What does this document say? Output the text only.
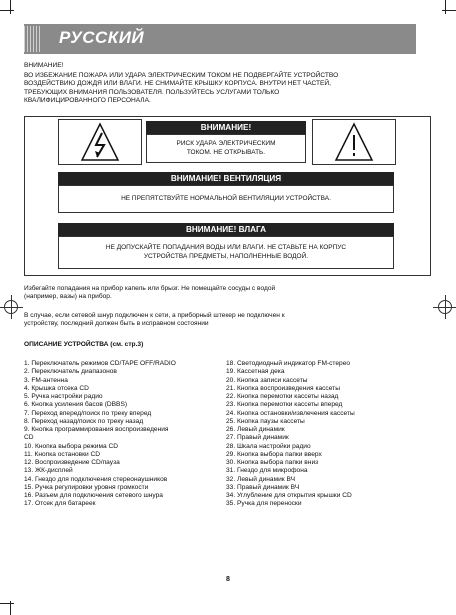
РУССКИЙ
ВНИМАНИЕ!
ВО ИЗБЕЖАНИЕ ПОЖАРА ИЛИ УДАРА ЭЛЕКТРИЧЕСКИМ ТОКОМ НЕ ПОДВЕРГАЙТЕ УСТРОЙСТВО
ВОЗДЕЙСТВИЮ ДОЖДЯ ИЛИ ВЛАГИ. НЕ СНИМАЙТЕ КРЫШКУ КОРПУСА. ВНУТРИ НЕТ ЧАСТЕЙ,
ТРЕБУЮЩИХ ВНИМАНИЯ ПОЛЬЗОВАТЕЛЯ. ПОЛЬЗУЙТЕСЬ УСЛУГАМИ ТОЛЬКО
КВАЛИФИЦИРОВАННОГО ПЕРСОНАЛА.
ВНИМАНИЕ!
РИСК УДАРА ЭЛЕКТРИЧЕСКИМ
ТОКОМ. НЕ ОТКРЫВАТЬ.
ВНИМАНИЕ! ВЕНТИЛЯЦИЯ
НЕ ПРЕПЯТСТВУЙТЕ НОРМАЛЬНОЙ ВЕНТИЛЯЦИИ УСТРОЙСТВА.
ВНИМАНИЕ! ВЛАГА
НЕ ДОПУСКАЙТЕ ПОПАДАНИЯ ВОДЫ ИЛИ ВЛАГИ. НЕ СТАВЬТЕ НА КОРПУС
УСТРОЙСТВА ПРЕДМЕТЫ, НАПОЛНЕННЫЕ ВОДОЙ.
Избегайте попадания на прибор капель или брызг. Не помещайте сосуды с водой
(например, вазы) на прибор.
В случае, если сетевой шнур подключен к сети, а приборный штекер не подключен к
устройству, последний должен быть в исправном состоянии
ОПИСАНИЕ УСТРОЙСТВА (см. стр.3)
1. Переключатель режимов CD/TAPE OFF/RADIO
2. Переключатель диапазонов
3. FM-антенна
4. Крышка отсека CD
5. Ручка настройки радио
6. Кнопка усиления басов (DBBS)
7. Переход вперед/поиск по треку вперед
8. Переход назад/поиск по треку назад
9. Кнопка программирования воспроизведения
CD
10. Кнопка выбора режима CD
11. Кнопка остановки CD
12. Воспроизведение CD/пауза
13. ЖК-дисплей
14. Гнездо для подключения стереонаушников
15. Ручка регулировки уровня громкости
16. Разъем для подключения сетевого шнура
17. Отсек для батареек
18. Светодиодный индикатор FM-стерео
19. Кассетная дека
20. Кнопка записи кассеты
21. Кнопка воспроизведения кассеты
22. Кнопка перемотки кассеты назад
23. Кнопка перемотки кассеты вперед
24. Кнопка остановки/извлечения кассеты
25. Кнопка паузы кассеты
26. Левый динамик
27. Правый динамик
28. Шкала настройки радио
29. Кнопка выбора папки вверх
30. Кнопка выбора папки вниз
31. Гнездо для микрофона
32. Левый динамик ВЧ
33. Правый динамик ВЧ
34. Углубление для открытия крышки CD
35. Ручка для переноски
8
